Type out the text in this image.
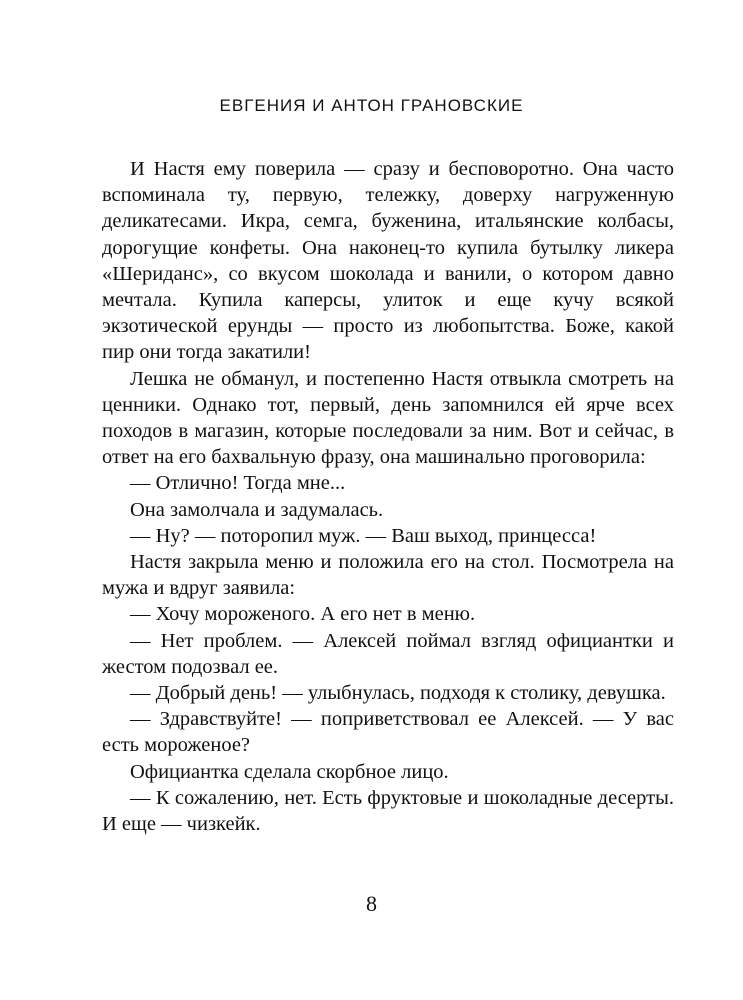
ЕВГЕНИЯ И АНТОН ГРАНОВСКИЕ

И Настя ему поверила — сразу и бесповоротно. Она часто вспоминала ту, первую, тележку, доверху нагруженную деликатесами. Икра, семга, буженина, итальянские колбасы, дорогущие конфеты. Она наконец-то купила бутылку ликера «Шериданс», со вкусом шоколада и ванили, о котором давно мечтала. Купила каперсы, улиток и еще кучу всякой экзотической ерунды — просто из любопытства. Боже, какой пир они тогда закатили!

Лешка не обманул, и постепенно Настя отвыкла смотреть на ценники. Однако тот, первый, день запомнился ей ярче всех походов в магазин, которые последовали за ним. Вот и сейчас, в ответ на его бахвальную фразу, она машинально проговорила:

— Отлично! Тогда мне...

Она замолчала и задумалась.

— Ну? — поторопил муж. — Ваш выход, принцесса!

Настя закрыла меню и положила его на стол. Посмотрела на мужа и вдруг заявила:

— Хочу мороженого. А его нет в меню.

— Нет проблем. — Алексей поймал взгляд официантки и жестом подозвал ее.

— Добрый день! — улыбнулась, подходя к столику, девушка.

— Здравствуйте! — поприветствовал ее Алексей. — У вас есть мороженое?

Официантка сделала скорбное лицо.

— К сожалению, нет. Есть фруктовые и шоколадные десерты. И еще — чизкейк.

8
